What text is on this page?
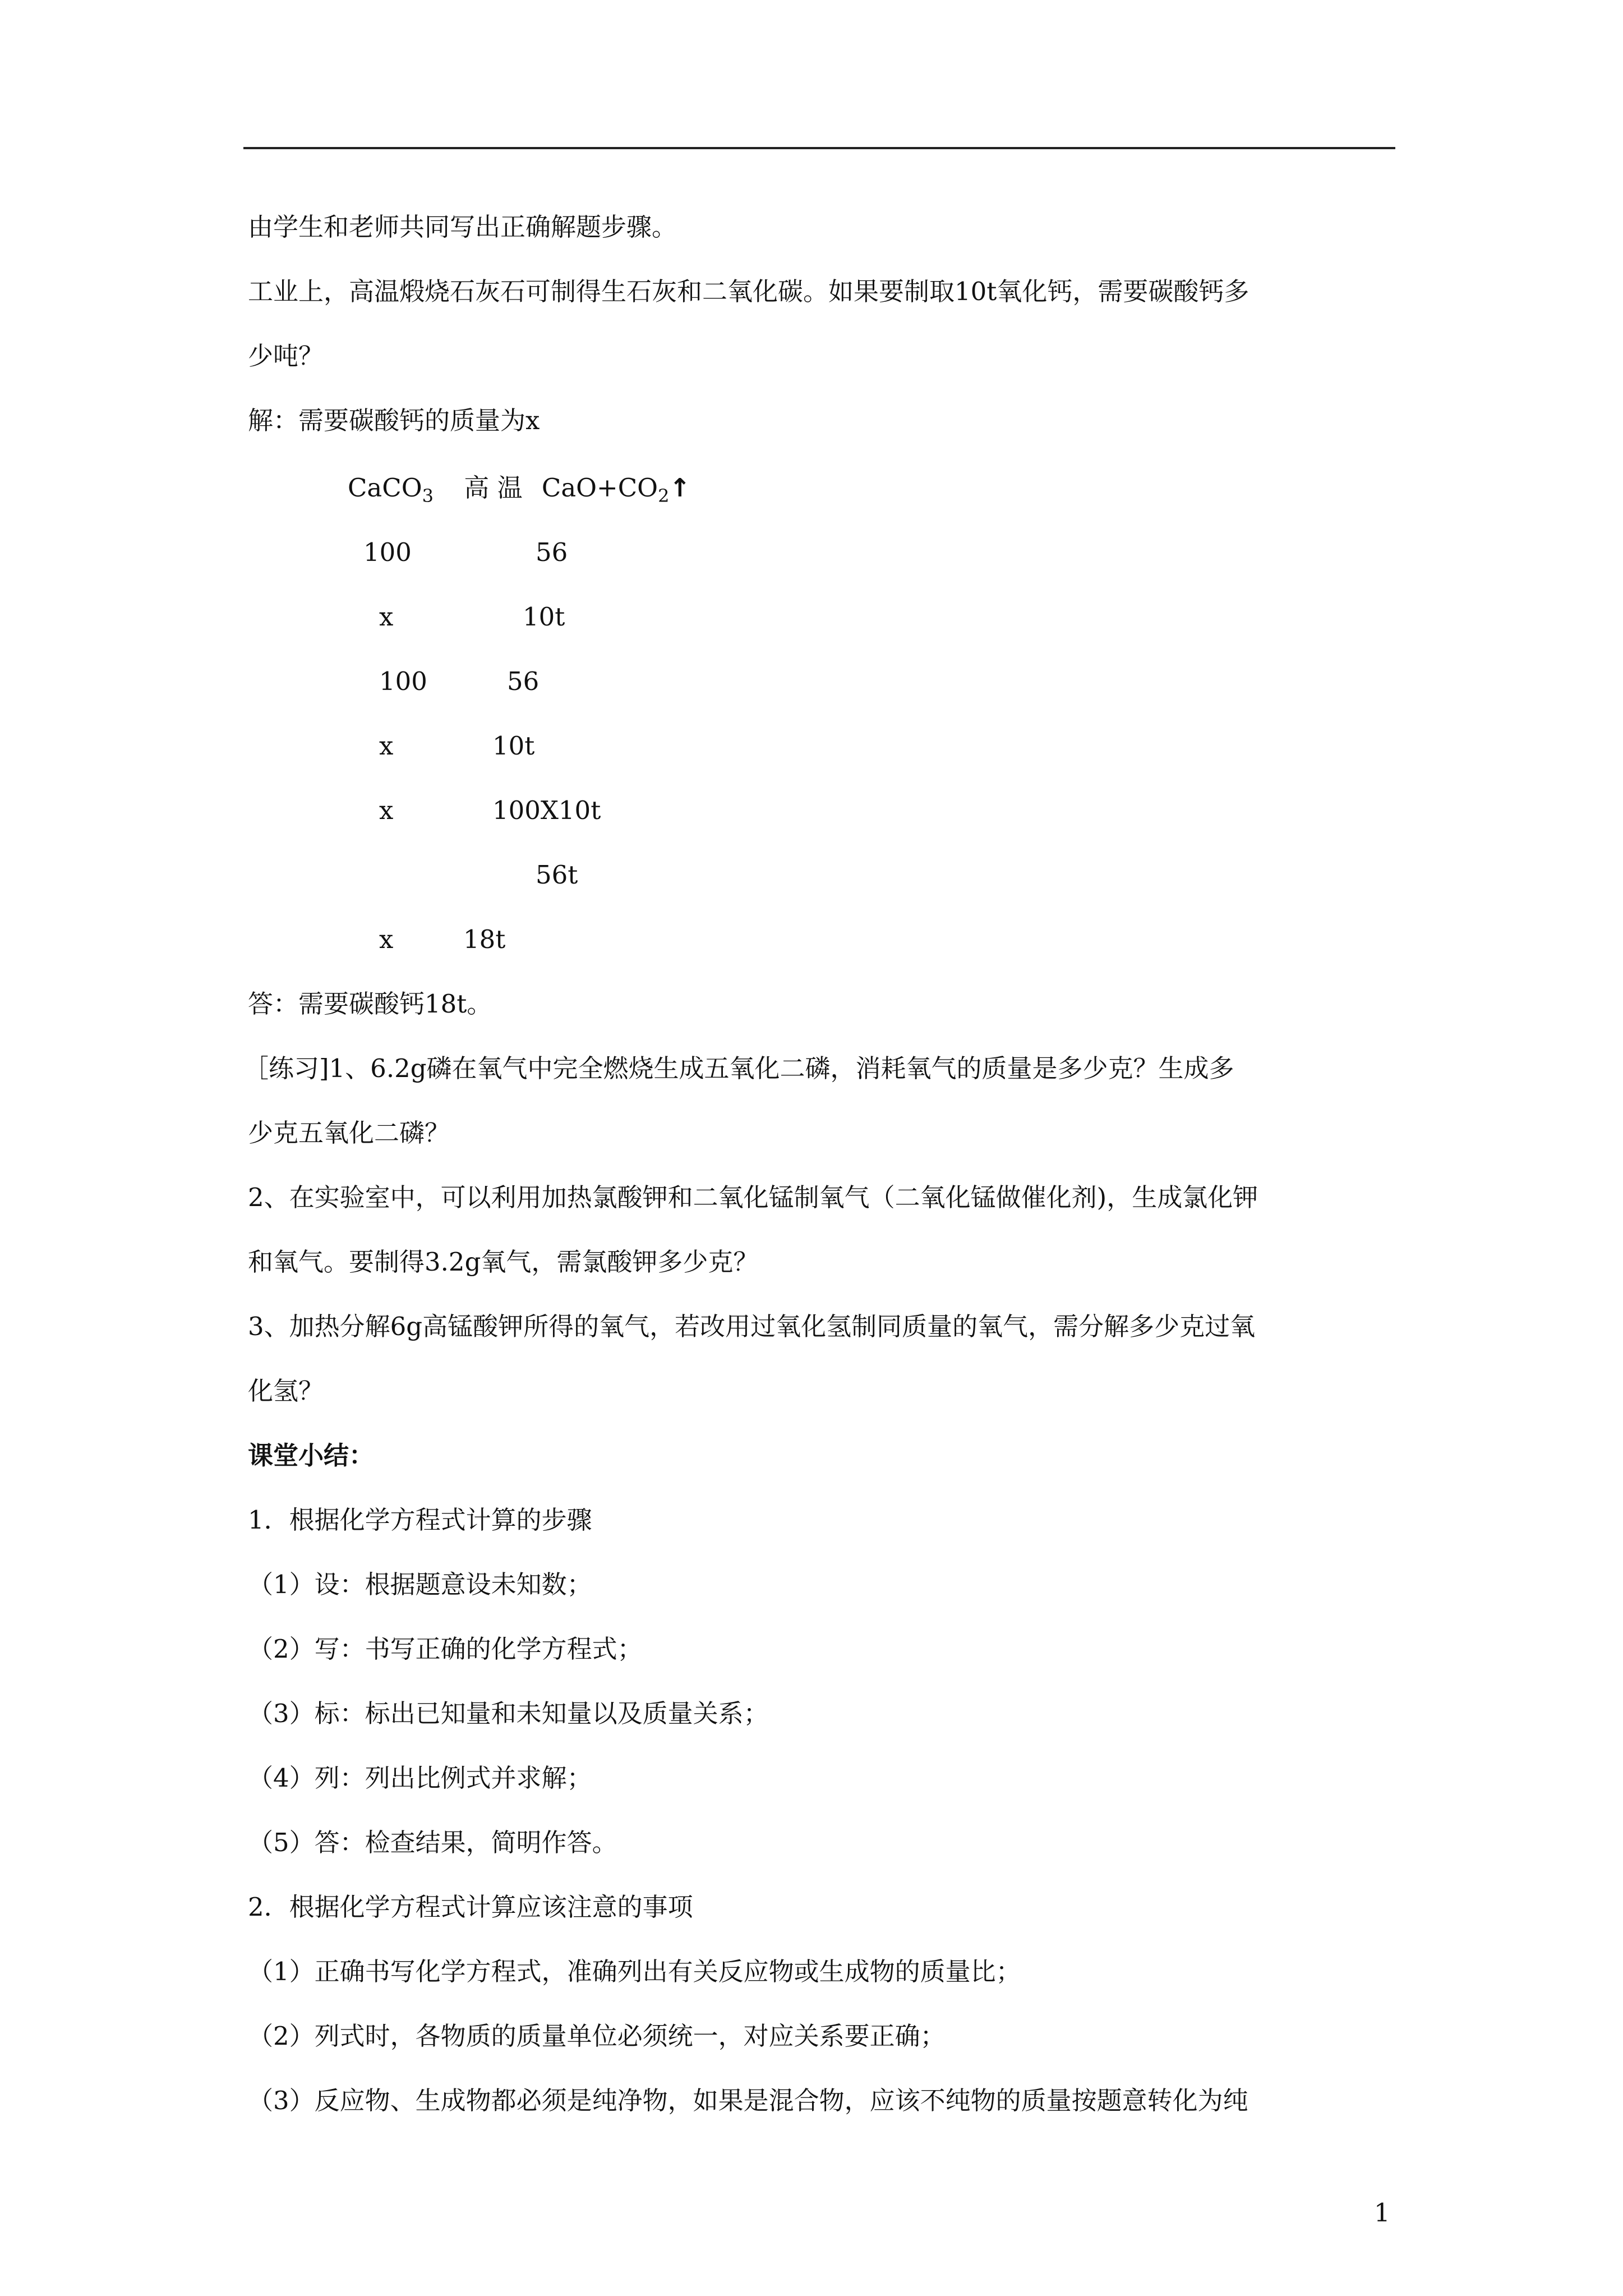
由学生和老师共同写出正确解题步骤。
工业上，高温煅烧石灰石可制得生石灰和二氧化碳。如果要制取10t氧化钙，需要碳酸钙多
少吨？
解：需要碳酸钙的质量为x
CaCO$_3$ 高 温 $CaO+CO_2↑$
100	56
x	10t
100	56
x	10t
x	100X10t
56t
x	18t
答：需要碳酸钙18t。
［练习]1、6.2g磷在氧气中完全燃烧生成五氧化二磷，消耗氧气的质量是多少克？生成多
少克五氧化二磷？
2、在实验室中，可以利用加热氯酸钾和二氧化锰制氧气（二氧化锰做催化剂)，生成氯化钾
和氧气。要制得3.2g氧气，需氯酸钾多少克？
3、加热分解6g高锰酸钾所得的氧气，若改用过氧化氢制同质量的氧气，需分解多少克过氧
化氢？
课堂小结：
1．根据化学方程式计算的步骤
（1）设：根据题意设未知数；
（2）写：书写正确的化学方程式；
（3）标：标出已知量和未知量以及质量关系；
（4）列：列出比例式并求解；
（5）答：检查结果，简明作答。
2．根据化学方程式计算应该注意的事项
（1）正确书写化学方程式，准确列出有关反应物或生成物的质量比；
（2）列式时，各物质的质量单位必须统一，对应关系要正确；
（3）反应物、生成物都必须是纯净物，如果是混合物，应该不纯物的质量按题意转化为纯
1
